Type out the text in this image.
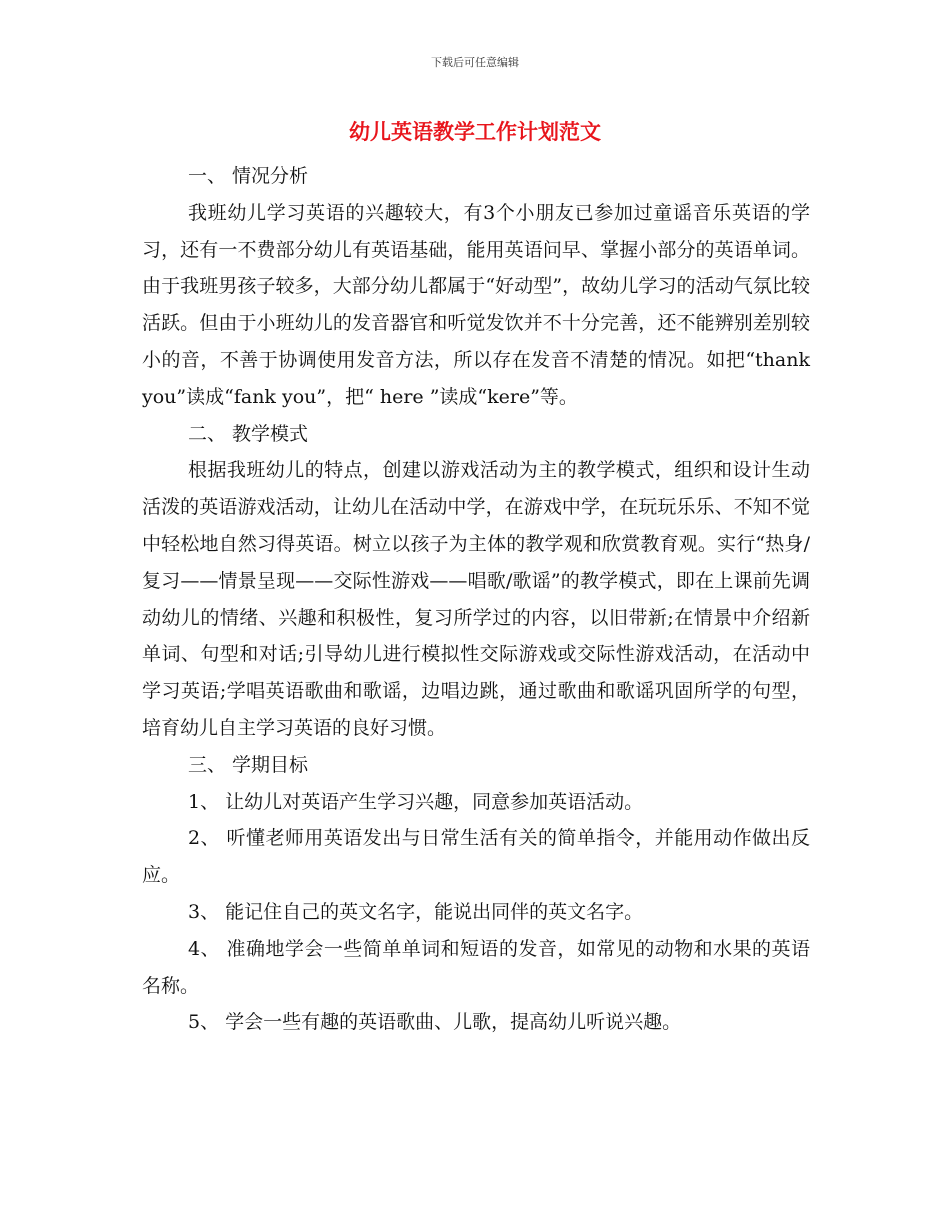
下载后可任意编辑
幼儿英语教学工作计划范文

一、 情况分析

我班幼儿学习英语的兴趣较大，有3个小朋友已参加过童谣音乐英语的学习，还有一不费部分幼儿有英语基础，能用英语问早、掌握小部分的英语单词。由于我班男孩子较多，大部分幼儿都属于“好动型”，故幼儿学习的活动气氛比较活跃。但由于小班幼儿的发音器官和听觉发饮并不十分完善，还不能辨别差别较小的音，不善于协调使用发音方法，所以存在发音不清楚的情况。如把“thank you”读成“fank you”，把“ here ”读成“kere”等。

二、 教学模式

根据我班幼儿的特点，创建以游戏活动为主的教学模式，组织和设计生动活泼的英语游戏活动，让幼儿在活动中学，在游戏中学，在玩玩乐乐、不知不觉中轻松地自然习得英语。树立以孩子为主体的教学观和欣赏教育观。实行“热身/复习——情景呈现——交际性游戏——唱歌/歌谣”的教学模式，即在上课前先调动幼儿的情绪、兴趣和积极性，复习所学过的内容，以旧带新;在情景中介绍新单词、句型和对话;引导幼儿进行模拟性交际游戏或交际性游戏活动，在活动中学习英语;学唱英语歌曲和歌谣，边唱边跳，通过歌曲和歌谣巩固所学的句型，培育幼儿自主学习英语的良好习惯。

三、 学期目标

1、 让幼儿对英语产生学习兴趣，同意参加英语活动。

2、 听懂老师用英语发出与日常生活有关的简单指令，并能用动作做出反应。

3、 能记住自己的英文名字，能说出同伴的英文名字。

4、 准确地学会一些简单单词和短语的发音，如常见的动物和水果的英语名称。

5、 学会一些有趣的英语歌曲、儿歌，提高幼儿听说兴趣。
